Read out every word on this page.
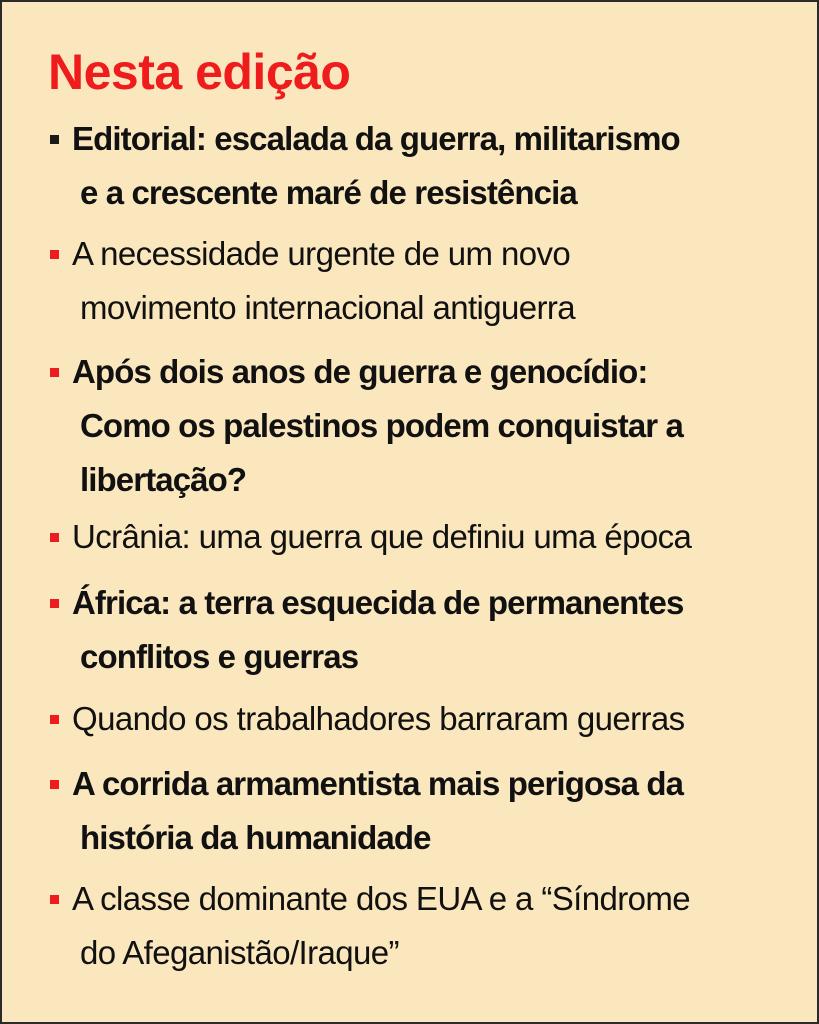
Nesta edição
Editorial: escalada da guerra, militarismo
e a crescente maré de resistência
A necessidade urgente de um novo
movimento internacional antiguerra
Após dois anos de guerra e genocídio:
Como os palestinos podem conquistar a
libertação?
Ucrânia: uma guerra que definiu uma época
África: a terra esquecida de permanentes
conflitos e guerras
Quando os trabalhadores barraram guerras
A corrida armamentista mais perigosa da
história da humanidade
A classe dominante dos EUA e a “Síndrome
do Afeganistão/Iraque”
